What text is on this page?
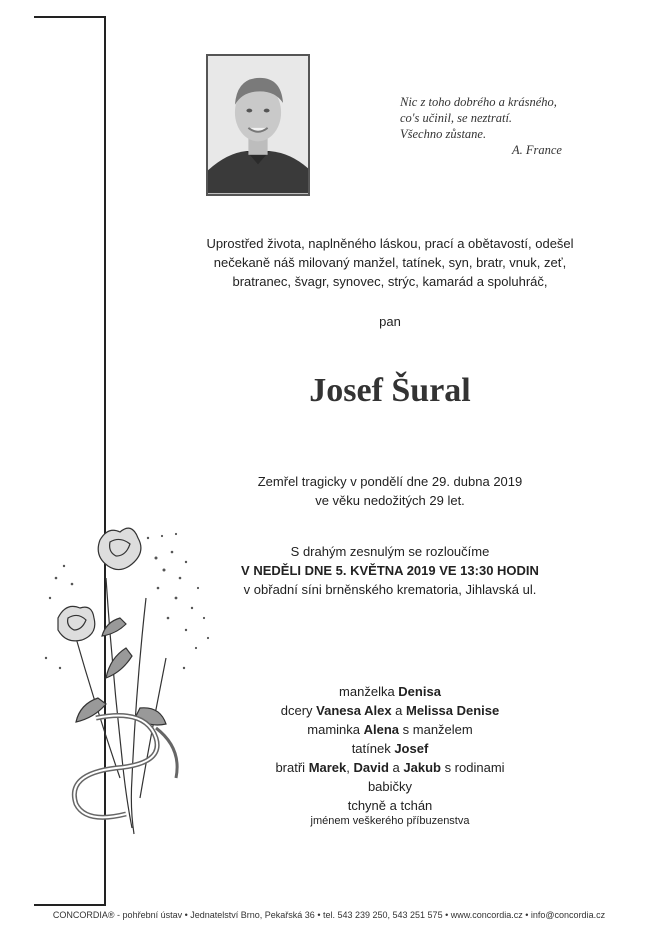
Nic z toho dobrého a krásného,
co's učinil, se neztratí.
Všechno zůstane.
A. France
Uprostřed života, naplněného láskou, prací a obětavostí, odešel
nečekaně náš milovaný manžel, tatínek, syn, bratr, vnuk, zeť,
bratranec, švagr, synovec, strýc, kamarád a spoluhráč,
pan
Josef Šural
Zemřel tragicky v pondělí dne 29. dubna 2019
ve věku nedožitých 29 let.
S drahým zesnulým se rozloučíme
V NEDĚLI DNE 5. KVĚTNA 2019 VE 13:30 HODIN
v obřadní síni brněnského krematoria, Jihlavská ul.
manželka Denisa
dcery Vanesa Alex a Melissa Denise
maminka Alena s manželem
tatínek Josef
bratři Marek, David a Jakub s rodinami
babičky
tchyně a tchán
jménem veškerého příbuzenstva
CONCORDIA® - pohřební ústav • Jednatelství Brno, Pekařská 36 • tel. 543 239 250, 543 251 575 • www.concordia.cz • info@concordia.cz
